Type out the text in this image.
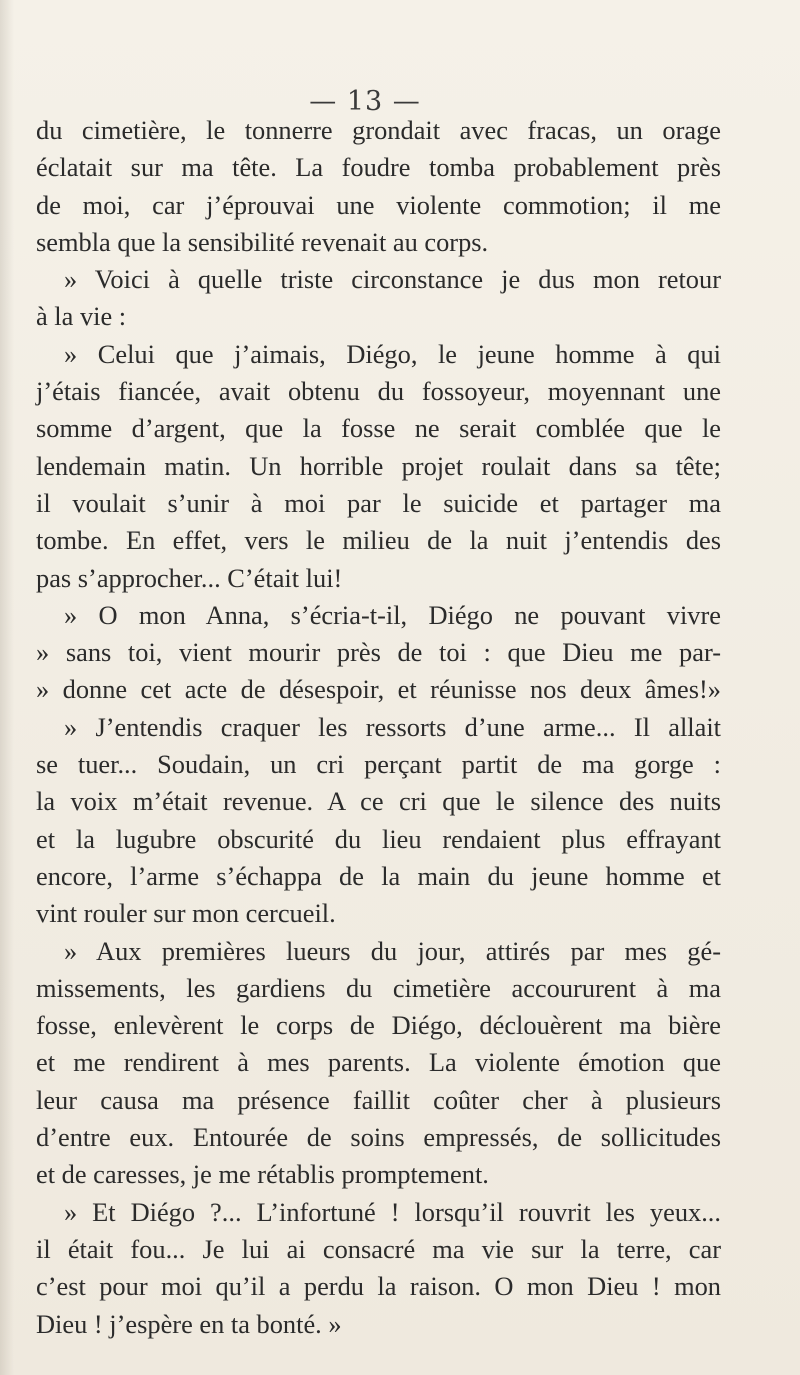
— 13 —
du cimetière, le tonnerre grondait avec fracas, un orage
éclatait sur ma tête. La foudre tomba probablement près
de moi, car j’éprouvai une violente commotion; il me
sembla que la sensibilité revenait au corps.
» Voici à quelle triste circonstance je dus mon retour
à la vie :
» Celui que j’aimais, Diégo, le jeune homme à qui
j’étais fiancée, avait obtenu du fossoyeur, moyennant une
somme d’argent, que la fosse ne serait comblée que le
lendemain matin. Un horrible projet roulait dans sa tête;
il voulait s’unir à moi par le suicide et partager ma
tombe. En effet, vers le milieu de la nuit j’entendis des
pas s’approcher... C’était lui!
» O mon Anna, s’écria-t-il, Diégo ne pouvant vivre
» sans toi, vient mourir près de toi : que Dieu me par-
» donne cet acte de désespoir, et réunisse nos deux âmes!»
» J’entendis craquer les ressorts d’une arme... Il allait
se tuer... Soudain, un cri perçant partit de ma gorge :
la voix m’était revenue. A ce cri que le silence des nuits
et la lugubre obscurité du lieu rendaient plus effrayant
encore, l’arme s’échappa de la main du jeune homme et
vint rouler sur mon cercueil.
» Aux premières lueurs du jour, attirés par mes gé-
missements, les gardiens du cimetière accoururent à ma
fosse, enlevèrent le corps de Diégo, déclouèrent ma bière
et me rendirent à mes parents. La violente émotion que
leur causa ma présence faillit coûter cher à plusieurs
d’entre eux. Entourée de soins empressés, de sollicitudes
et de caresses, je me rétablis promptement.
» Et Diégo ?... L’infortuné ! lorsqu’il rouvrit les yeux...
il était fou... Je lui ai consacré ma vie sur la terre, car
c’est pour moi qu’il a perdu la raison. O mon Dieu ! mon
Dieu ! j’espère en ta bonté. »
